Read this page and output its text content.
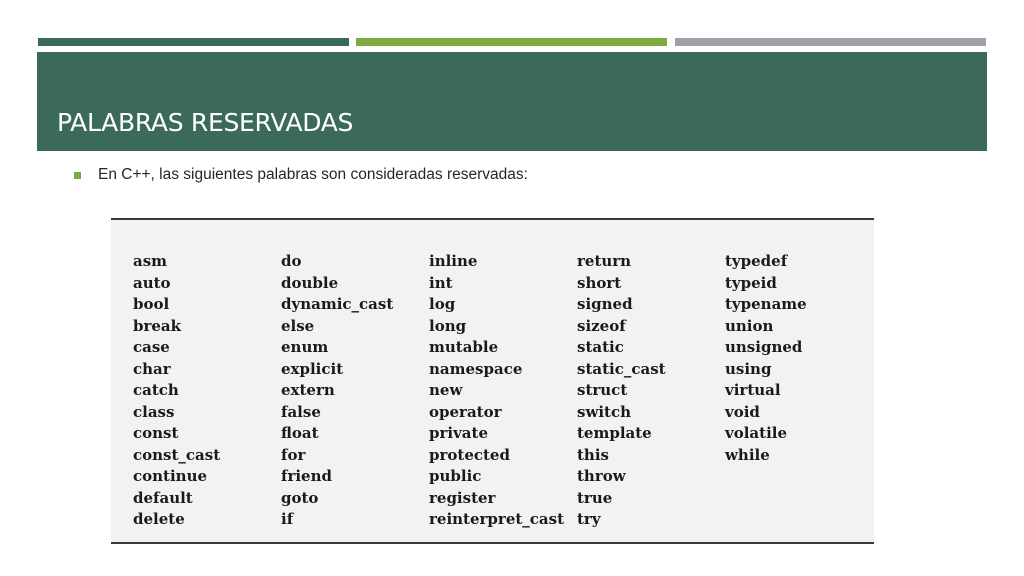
PALABRAS RESERVADAS
En C++, las siguientes palabras son consideradas reservadas:
asm
auto
bool
break
case
char
catch
class
const
const_cast
continue
default
delete
do
double
dynamic_cast
else
enum
explicit
extern
false
float
for
friend
goto
if
inline
int
log
long
mutable
namespace
new
operator
private
protected
public
register
reinterpret_cast
return
short
signed
sizeof
static
static_cast
struct
switch
template
this
throw
true
try
typedef
typeid
typename
union
unsigned
using
virtual
void
volatile
while
